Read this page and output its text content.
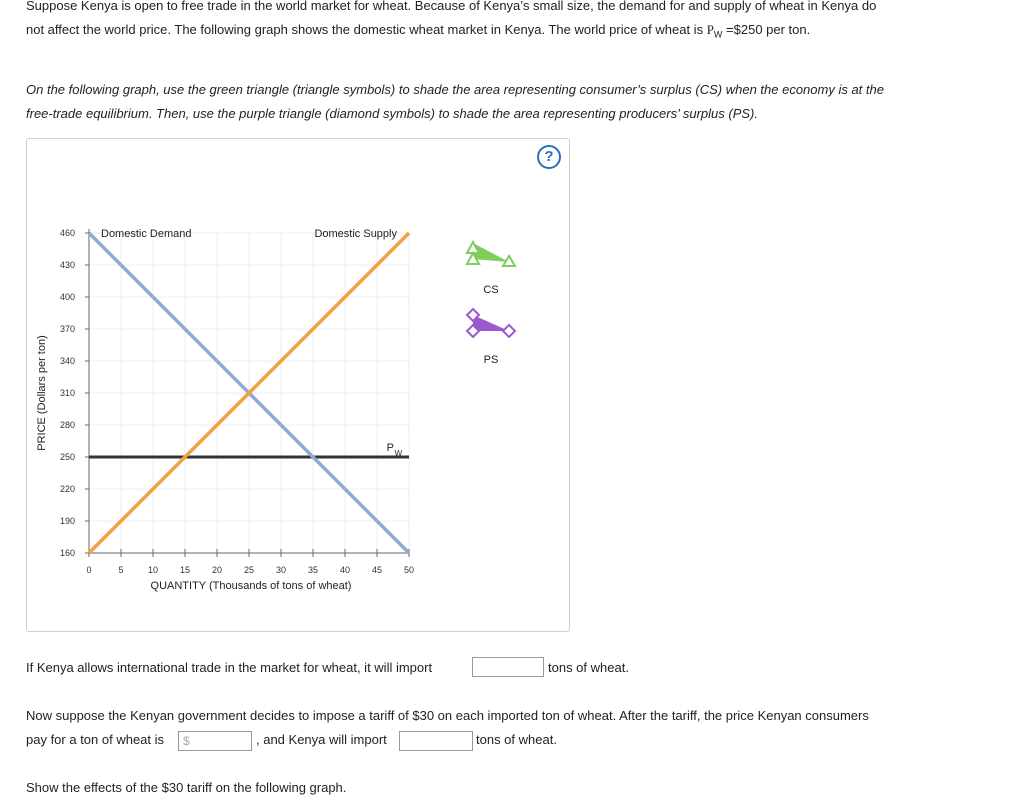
Suppose Kenya is open to free trade in the world market for wheat. Because of Kenya’s small size, the demand for and supply of wheat in Kenya do

not affect the world price. The following graph shows the domestic wheat market in Kenya. The world price of wheat is $P_W$ =$250 per ton.

On the following graph, use the green triangle (triangle symbols) to shade the area representing consumer’s surplus (CS) when the economy is at the

free-trade equilibrium. Then, use the purple triangle (diamond symbols) to shade the area representing producers’ surplus (PS).

?
160
190
220
250
280
310
340
370
400
430
460
0	5	10 15 20 25 30 35 40 45 50
QUANTITY (Thousands of tons of wheat)
PRICE (Dollars per ton)	P W
Domestic Demand	Domestic Supply
CS
PS
If Kenya allows international trade in the market for wheat, it will import	tons of wheat.

Now suppose the Kenyan government decides to impose a tariff of $30 on each imported ton of wheat. After the tariff, the price Kenyan consumers

pay for a ton of wheat is	$	, and Kenya will import	tons of wheat.

Show the effects of the $30 tariff on the following graph.
